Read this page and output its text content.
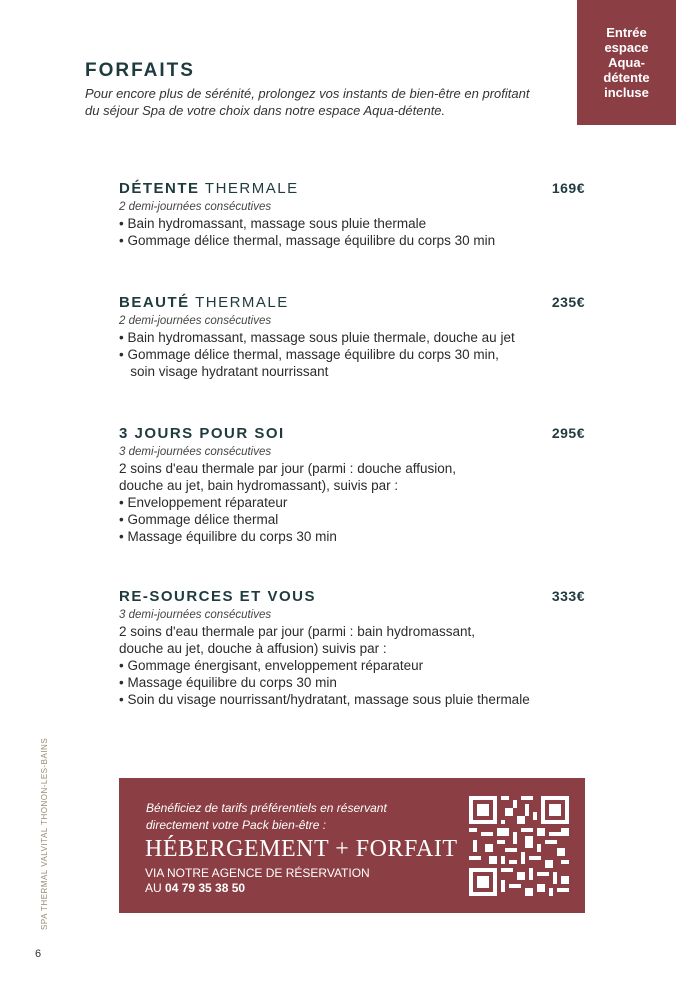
Entrée
espace
Aqua-
détente
incluse
FORFAITS
Pour encore plus de sérénité, prolongez vos instants de bien-être en profitant du séjour Spa de votre choix dans notre espace Aqua-détente.
DÉTENTE THERMALE	169€
2 demi-journées consécutives
• Bain hydromassant, massage sous pluie thermale
• Gommage délice thermal, massage équilibre du corps 30 min
BEAUTÉ THERMALE	235€
2 demi-journées consécutives
• Bain hydromassant, massage sous pluie thermale, douche au jet
• Gommage délice thermal, massage équilibre du corps 30 min,
soin visage hydratant nourrissant
3 JOURS POUR SOI	295€
3 demi-journées consécutives
2 soins d'eau thermale par jour (parmi : douche affusion,
douche au jet, bain hydromassant), suivis par :
• Enveloppement réparateur
• Gommage délice thermal
• Massage équilibre du corps 30 min
RE-SOURCES ET VOUS	333€
3 demi-journées consécutives
2 soins d'eau thermale par jour (parmi : bain hydromassant,
douche au jet, douche à affusion) suivis par :
• Gommage énergisant, enveloppement réparateur
• Massage équilibre du corps 30 min
• Soin du visage nourrissant/hydratant, massage sous pluie thermale
Bénéficiez de tarifs préférentiels en réservant directement votre Pack bien-être :
HÉBERGEMENT + FORFAIT
VIA NOTRE AGENCE DE RÉSERVATION
AU 04 79 35 38 50
SPA THERMAL VALVITAL THONON-LES-BAINS
6
